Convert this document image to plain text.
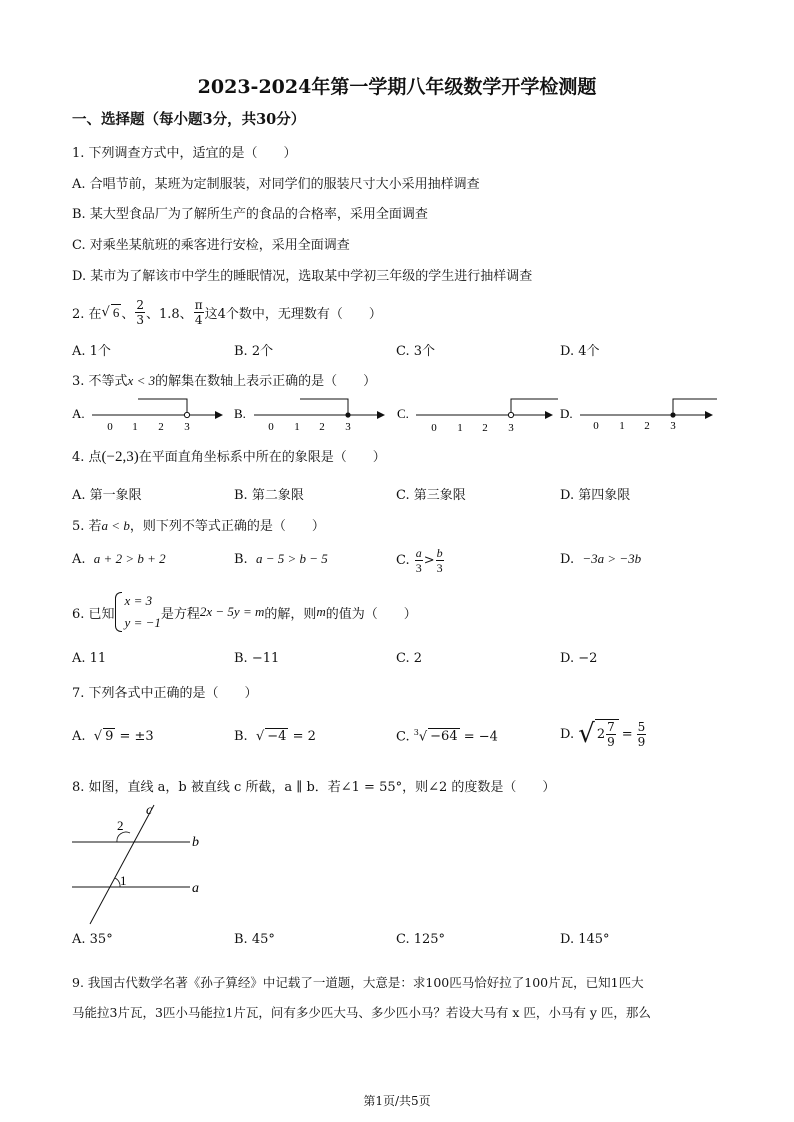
2023-2024年第一学期八年级数学开学检测题
一、选择题（每小题3分，共30分）
1. 下列调查方式中，适宜的是（　　）
A. 合唱节前，某班为定制服装，对同学们的服装尺寸大小采用抽样调查
B. 某大型食品厂为了解所生产的食品的合格率，采用全面调查
C. 对乘坐某航班的乘客进行安检，采用全面调查
D. 某市为了解该市中学生的睡眠情况，选取某中学初三年级的学生进行抽样调查
2. 在 √ 6 、 $\frac{2}{3}$ 、1.8、 $\frac{\pi}{4}$ 这4个数中，无理数有（　　）
A. 1个	B. 2个	C. 3个	D. 4个
3. 不等式x < 3的解集在数轴上表示正确的是（　　）
A.
0 1 2 3
B.
0 1 2 3
C.
0 1 2 3
D.
0 1 2 3
4. 点(−2,3)在平面直角坐标系中所在的象限是（　　）
A. 第一象限	B. 第二象限	C. 第三象限	D. 第四象限
5. 若a < b，则下列不等式正确的是（　　）
A. a + 2 > b + 2	B. a − 5 > b − 5	C.
$\frac{a}{3} > \frac{b}{3}$	D. −3a > −3b
6. 已知
x = 3
y = −1
是方程 2x − 5y = m 的解，则 m 的值为（　　）
A. 11	B. −11	C. 2	D. −2
7. 下列各式中正确的是（　　）
A. √ 9 = ±3	B. √ −4 = 2	C. $^3$√ −64 = −4	D.
√ $2 \frac{7}{9} = \frac{5}{9}$
8. 如图，直线 a，b 被直线 c 所截，a ∥ b．若∠1 = 55°，则∠2 的度数是（　　）
c
b
a
2
1
A. 35°	B. 45°	C. 125°	D. 145°
9. 我国古代数学名著《孙子算经》中记载了一道题，大意是：求100匹马恰好拉了100片瓦，已知1匹大
马能拉3片瓦，3匹小马能拉1片瓦，问有多少匹大马、多少匹小马？若设大马有 x 匹，小马有 y 匹，那么
第1页/共5页
